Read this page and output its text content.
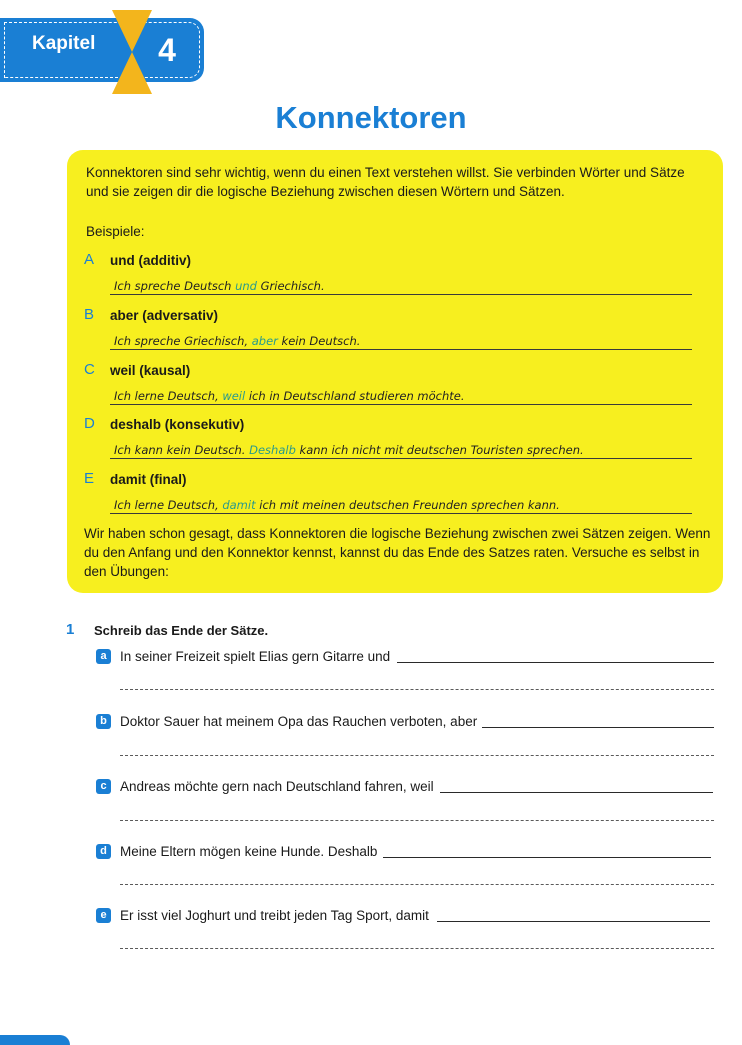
Kapitel 4
Konnektoren

Konnektoren sind sehr wichtig, wenn du einen Text verstehen willst. Sie verbinden Wörter und Sätze und sie zeigen dir die logische Beziehung zwischen diesen Wörtern und Sätzen.

Beispiele:
A und (additiv)
Ich spreche Deutsch und Griechisch.
B aber (adversativ)
Ich spreche Griechisch, aber kein Deutsch.
C weil (kausal)
Ich lerne Deutsch, weil ich in Deutschland studieren möchte.
D deshalb (konsekutiv)
Ich kann kein Deutsch. Deshalb kann ich nicht mit deutschen Touristen sprechen.
E damit (final)
Ich lerne Deutsch, damit ich mit meinen deutschen Freunden sprechen kann.

Wir haben schon gesagt, dass Konnektoren die logische Beziehung zwischen zwei Sätzen zeigen. Wenn du den Anfang und den Konnektor kennst, kannst du das Ende des Satzes raten. Versuche es selbst in den Übungen:

1 Schreib das Ende der Sätze.
a In seiner Freizeit spielt Elias gern Gitarre und
b Doktor Sauer hat meinem Opa das Rauchen verboten, aber
c Andreas möchte gern nach Deutschland fahren, weil
d Meine Eltern mögen keine Hunde. Deshalb
e Er isst viel Joghurt und treibt jeden Tag Sport, damit
